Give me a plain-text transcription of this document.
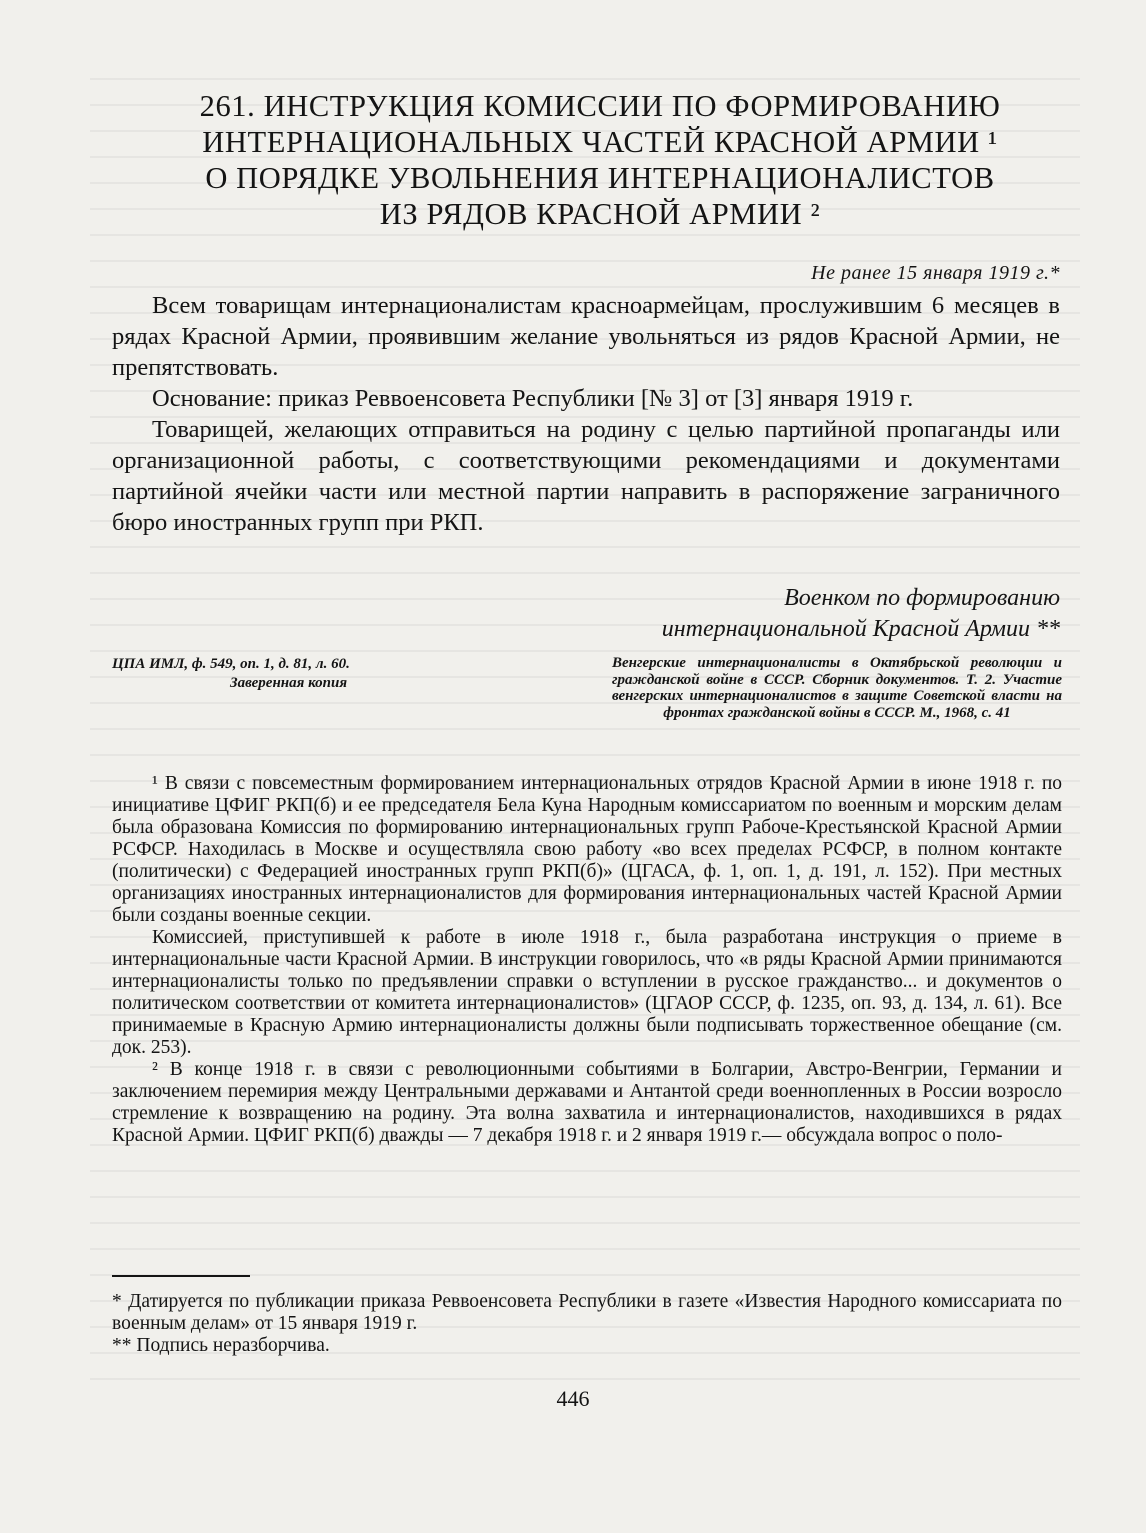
261. ИНСТРУКЦИЯ КОМИССИИ ПО ФОРМИРОВАНИЮ
ИНТЕРНАЦИОНАЛЬНЫХ ЧАСТЕЙ КРАСНОЙ АРМИИ ¹
О ПОРЯДКЕ УВОЛЬНЕНИЯ ИНТЕРНАЦИОНАЛИСТОВ
ИЗ РЯДОВ КРАСНОЙ АРМИИ ²
Не ранее 15 января 1919 г.*

Всем товарищам интернационалистам красноармейцам, прослужившим 6 месяцев в рядах Красной Армии, проявившим желание увольняться из рядов Красной Армии, не препятствовать.

Основание: приказ Реввоенсовета Республики [№ 3] от [3] января 1919 г.

Товарищей, желающих отправиться на родину с целью партийной пропаганды или организационной работы, с соответствующими рекомендациями и документами партийной ячейки части или местной партии направить в распоряжение заграничного бюро иностранных групп при РКП.

Военком по формированию
интернациональной Красной Армии **
ЦПА ИМЛ, ф. 549, оп. 1, д. 81, л. 60.
Заверенная копия
Венгерские интернационалисты в Октябрьской революции и гражданской войне в СССР. Сборник документов. Т. 2. Участие венгерских интернационалистов в защите Советской власти на фронтах гражданской войны в СССР. М., 1968, с. 41

¹ В связи с повсеместным формированием интернациональных отрядов Красной Армии в июне 1918 г. по инициативе ЦФИГ РКП(б) и ее председателя Бела Куна Народным комиссариатом по военным и морским делам была образована Комиссия по формированию интернациональных групп Рабоче-Крестьянской Красной Армии РСФСР. Находилась в Москве и осуществляла свою работу «во всех пределах РСФСР, в полном контакте (политически) с Федерацией иностранных групп РКП(б)» (ЦГАСА, ф. 1, оп. 1, д. 191, л. 152). При местных организациях иностранных интернационалистов для формирования интернациональных частей Красной Армии были созданы военные секции.

Комиссией, приступившей к работе в июле 1918 г., была разработана инструкция о приеме в интернациональные части Красной Армии. В инструкции говорилось, что «в ряды Красной Армии принимаются интернационалисты только по предъявлении справки о вступлении в русское гражданство... и документов о политическом соответствии от комитета интернационалистов» (ЦГАОР СССР, ф. 1235, оп. 93, д. 134, л. 61). Все принимаемые в Красную Армию интернационалисты должны были подписывать торжественное обещание (см. док. 253).

² В конце 1918 г. в связи с революционными событиями в Болгарии, Австро-Венгрии, Германии и заключением перемирия между Центральными державами и Антантой среди военнопленных в России возросло стремление к возвращению на родину. Эта волна захватила и интернационалистов, находившихся в рядах Красной Армии. ЦФИГ РКП(б) дважды — 7 декабря 1918 г. и 2 января 1919 г.— обсуждала вопрос о поло-

* Датируется по публикации приказа Реввоенсовета Республики в газете «Известия Народного комиссариата по военным делам» от 15 января 1919 г.

** Подпись неразборчива.

446
